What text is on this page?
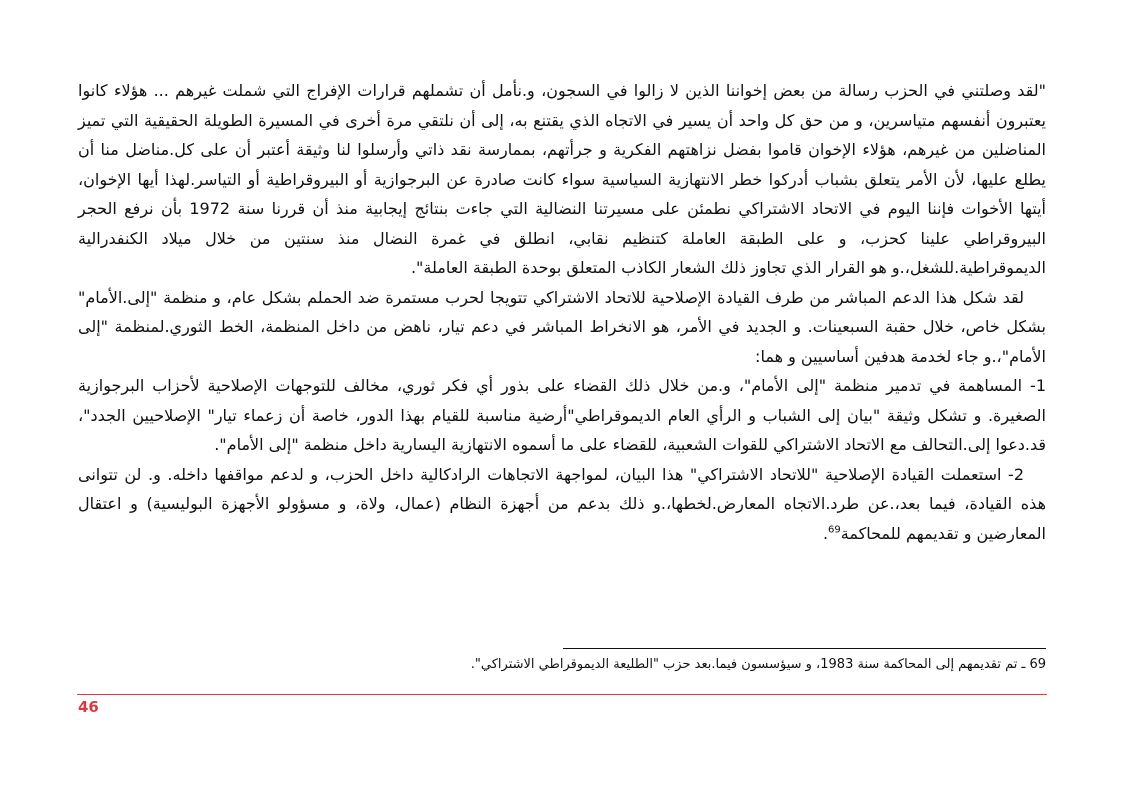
"لقد وصلتني في الحزب رسالة من بعض إخواننا الذين لا زالوا في السجون، و.نأمل أن تشملهم قرارات الإفراج التي شملت غيرهم ... هؤلاء كانوا يعتبرون أنفسهم متياسرين، و من حق كل واحد أن يسير في الاتجاه الذي يقتنع به، إلى أن نلتقي مرة أخرى في المسيرة الطويلة الحقيقية التي تميز المناضلين من غيرهم، هؤلاء الإخوان قاموا بفضل نزاهتهم الفكرية و جرأتهم، بممارسة نقد ذاتي وأرسلوا لنا وثيقة أعتبر أن على كل.مناضل منا أن يطلع عليها، لأن الأمر يتعلق بشباب أدركوا خطر الانتهازية السياسية سواء كانت صادرة عن البرجوازية أو البيروقراطية أو التياسر.لهذا أيها الإخوان، أيتها الأخوات فإننا اليوم في الاتحاد الاشتراكي نطمئن على مسيرتنا النضالية التي جاءت بنتائج إيجابية منذ أن قررنا سنة 1972 بأن نرفع الحجر البيروقراطي علينا كحزب، و على الطبقة العاملة كتنظيم نقابي، انطلق في غمرة النضال منذ سنتين من خلال ميلاد الكنفدرالية الديموقراطية.للشغل،.و هو القرار الذي تجاوز ذلك الشعار الكاذب المتعلق بوحدة الطبقة العاملة".

لقد شكل هذا الدعم المباشر من طرف القيادة الإصلاحية للاتحاد الاشتراكي تتويجا لحرب مستمرة ضد الحملم بشكل عام، و منظمة "إلى.الأمام" بشكل خاص، خلال حقبة السبعينات. و الجديد في الأمر، هو الانخراط المباشر في دعم تيار، ناهض من داخل المنظمة، الخط الثوري.لمنظمة "إلى الأمام"،.و جاء لخدمة هدفين أساسيين و هما:

1- المساهمة في تدمير منظمة "إلى الأمام"، و.من خلال ذلك القضاء على بذور أي فكر ثوري، مخالف للتوجهات الإصلاحية لأحزاب البرجوازية الصغيرة. و تشكل وثيقة "بيان إلى الشباب و الرأي العام الديموقراطي"أرضية مناسبة للقيام بهذا الدور، خاصة أن زعماء تيار" الإصلاحيين الجدد"، قد.دعوا إلى.التحالف مع الاتحاد الاشتراكي للقوات الشعبية، للقضاء على ما أسموه الانتهازية اليسارية داخل منظمة "إلى الأمام".

2- استعملت القيادة الإصلاحية "للاتحاد الاشتراكي" هذا البيان، لمواجهة الاتجاهات الرادكالية داخل الحزب، و لدعم مواقفها داخله. و. لن تتوانى هذه القيادة، فيما بعد،.عن طرد.الاتجاه المعارض.لخطها،.و ذلك بدعم من أجهزة النظام (عمال، ولاة، و مسؤولو الأجهزة البوليسية) و اعتقال المعارضين و تقديمهم للمحاكمة$^{69}$.

69 ـ تم تقديمهم إلى المحاكمة سنة 1983، و سيؤسسون فيما.بعد حزب "الطليعة الديموقراطي الاشتراكي".
46
